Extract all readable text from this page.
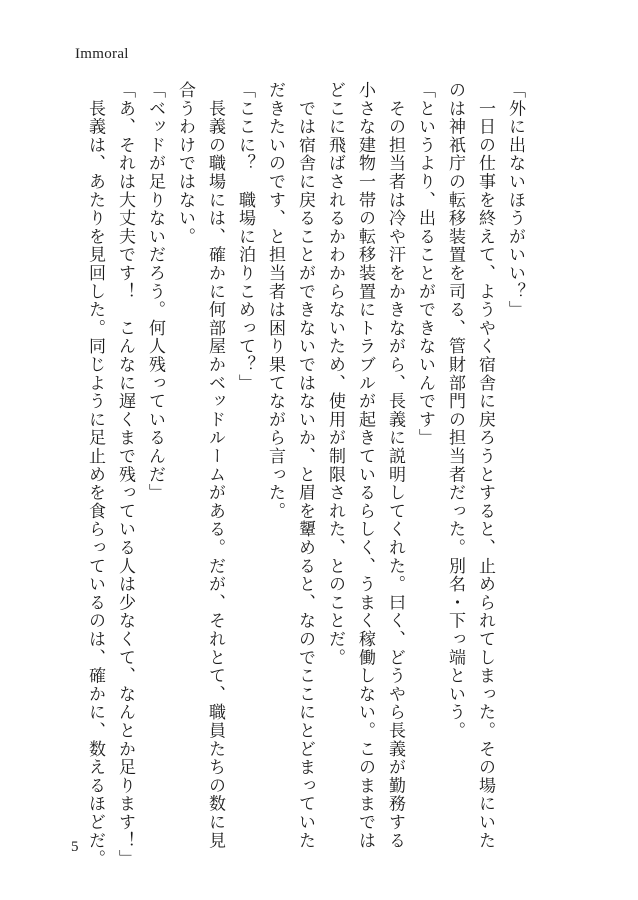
Immoral

「外に出ないほうがいい？」

　一日の仕事を終えて、ようやく宿舎に戻ろうとすると、止められてしまった。その場にいた

のは神祇庁の転移装置を司る、管財部門の担当者だった。別名・下っ端という。

「というより、出ることができないんです」

　その担当者は冷や汗をかきながら、長義に説明してくれた。曰く、どうやら長義が勤務する

小さな建物一帯の転移装置にトラブルが起きているらしく、うまく稼働しない。このままでは

どこに飛ばされるかわからないため、使用が制限された、とのことだ。

　では宿舎に戻ることができないではないか、と眉を顰めると、なのでここにとどまっていた

だきたいのです、と担当者は困り果てながら言った。

「ここに？　職場に泊りこめって？」

　長義の職場には、確かに何部屋かベッドルームがある。だが、それとて、職員たちの数に見

合うわけではない。

「ベッドが足りないだろう。何人残っているんだ」

「あ、それは大丈夫です！　こんなに遅くまで残っている人は少なくて、なんとか足ります！」

　長義は、あたりを見回した。同じように足止めを食らっているのは、確かに、数えるほどだ。

5
